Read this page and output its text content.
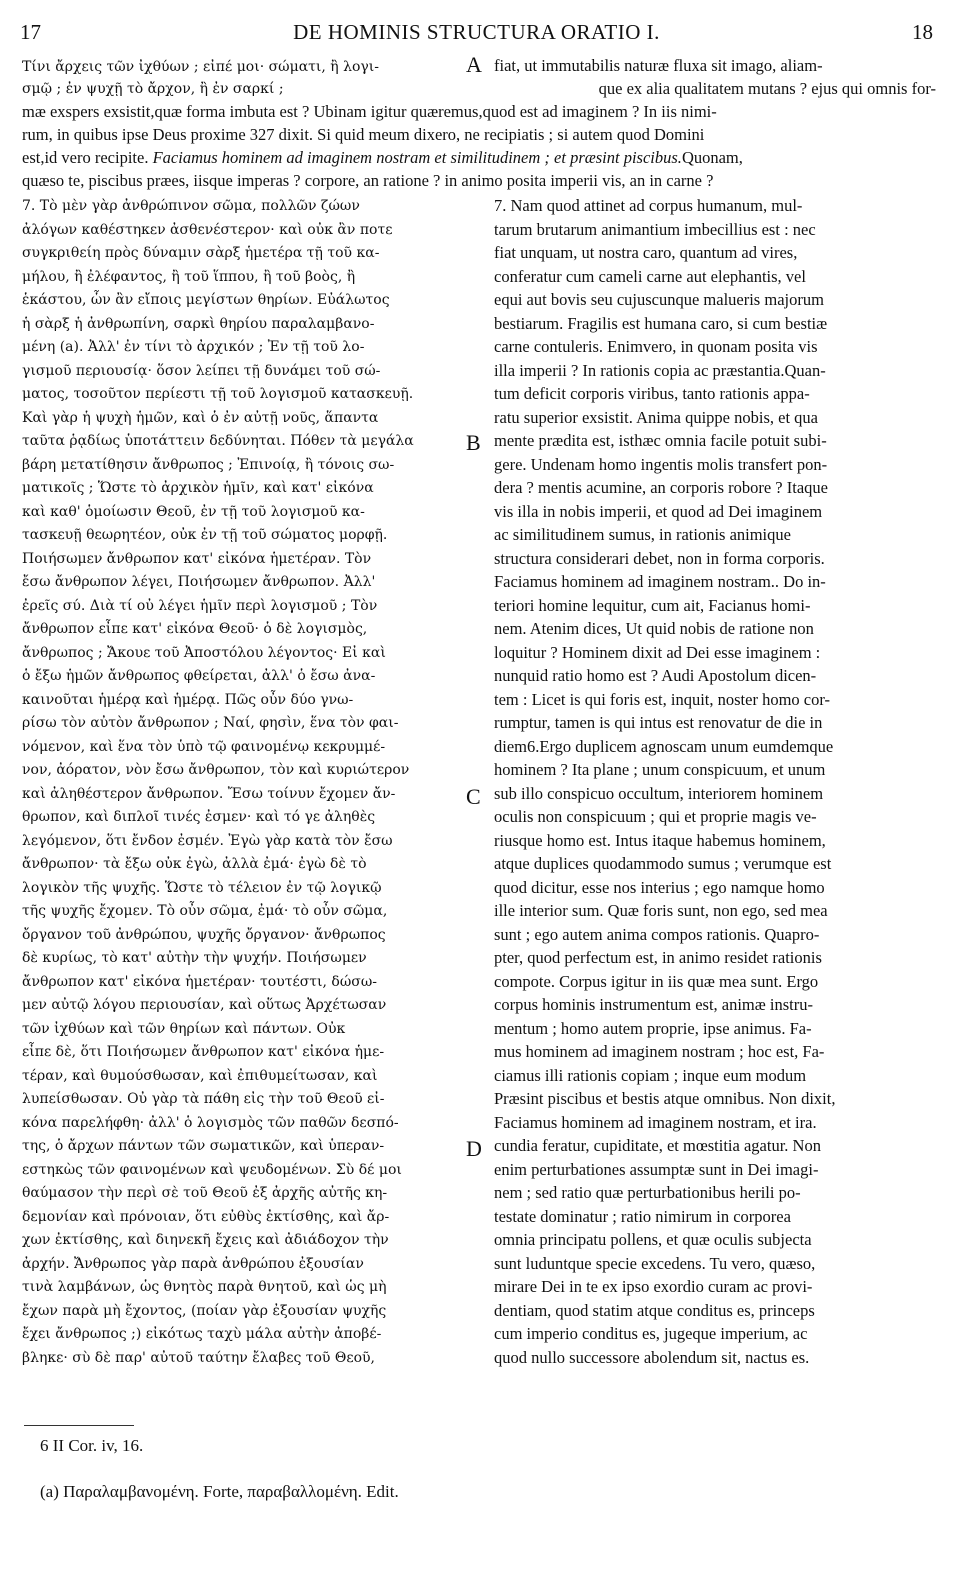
17	DE HOMINIS STRUCTURA ORATIO I.	18
Τίνι ἄρχεις τῶν ἰχθύων ; εἰπέ μοι· σώματι, ἢ λογι-
σμῷ ; ἐν ψυχῇ τὸ ἄρχον, ἢ ἐν σαρκί ;
fiat, ut immutabilis naturæ fluxa sit imago, aliam-
que ex alia qualitatem mutans ? ejus qui omnis for-
mæ exspers exsistit,quæ forma imbuta est ? Ubinam igitur quæremus,quod est ad imaginem ? In iis nimi-
rum, in quibus ipse Deus proxime 327 dixit. Si quid meum dixero, ne recipiatis ; si autem quod Domini
est,id vero recipite. Faciamus hominem ad imaginem nostram et similitudinem ; et præsint piscibus.Quonam,
quæso te, piscibus præes, iisque imperas ? corpore, an ratione ? in animo posita imperii vis, an in carne ?
A
B
C
D
7. Τὸ μὲν γὰρ ἀνθρώπινον σῶμα, πολλῶν ζώων
ἀλόγων καθέστηκεν ἀσθενέστερον· καὶ οὐκ ἂν ποτε
συγκριθείη πρὸς δύναμιν σὰρξ ἡμετέρα τῇ τοῦ κα-
μήλου, ἢ ἐλέφαντος, ἢ τοῦ ἵππου, ἢ τοῦ βοὸς, ἢ
ἑκάστου, ὧν ἂν εἴποις μεγίστων θηρίων. Εὐάλωτος
ἡ σὰρξ ἡ ἀνθρωπίνη, σαρκὶ θηρίου παραλαμβανο-
μένη (a). Ἀλλ' ἐν τίνι τὸ ἀρχικόν ; Ἐν τῇ τοῦ λο-
γισμοῦ περιουσίᾳ· ὅσον λείπει τῇ δυνάμει τοῦ σώ-
ματος, τοσοῦτον περίεστι τῇ τοῦ λογισμοῦ κατασκευῇ.
Καὶ γὰρ ἡ ψυχὴ ἡμῶν, καὶ ὁ ἐν αὐτῇ νοῦς, ἅπαντα
ταῦτα ῥᾳδίως ὑποτάττειν δεδύνηται. Πόθεν τὰ μεγάλα
βάρη μετατίθησιν ἄνθρωπος ; Ἐπινοίᾳ, ἢ τόνοις σω-
ματικοῖς ; Ὥστε τὸ ἀρχικὸν ἡμῖν, καὶ κατ' εἰκόνα
καὶ καθ' ὁμοίωσιν Θεοῦ, ἐν τῇ τοῦ λογισμοῦ κα-
τασκευῇ θεωρητέον, οὐκ ἐν τῇ τοῦ σώματος μορφῇ.
Ποιήσωμεν ἄνθρωπον κατ' εἰκόνα ἡμετέραν. Τὸν
ἔσω ἄνθρωπον λέγει, Ποιήσωμεν ἄνθρωπον. Ἀλλ'
ἐρεῖς σύ. Διὰ τί οὐ λέγει ἡμῖν περὶ λογισμοῦ ; Τὸν
ἄνθρωπον εἶπε κατ' εἰκόνα Θεοῦ· ὁ δὲ λογισμὸς,
ἄνθρωπος ; Ἄκουε τοῦ Ἀποστόλου λέγοντος· Εἰ καὶ
ὁ ἔξω ἡμῶν ἄνθρωπος φθείρεται, ἀλλ' ὁ ἔσω ἀνα-
καινοῦται ἡμέρᾳ καὶ ἡμέρᾳ. Πῶς οὖν δύο γνω-
ρίσω τὸν αὐτὸν ἄνθρωπον ; Ναί, φησὶν, ἕνα τὸν φαι-
νόμενον, καὶ ἕνα τὸν ὑπὸ τῷ φαινομένῳ κεκρυμμέ-
νον, ἀόρατον, νὸν ἔσω ἄνθρωπον, τὸν καὶ κυριώτερον
καὶ ἀληθέστερον ἄνθρωπον. Ἔσω τοίνυν ἔχομεν ἄν-
θρωπον, καὶ διπλοῖ τινές ἐσμεν· καὶ τό γε ἀληθὲς
λεγόμενον, ὅτι ἔνδον ἐσμέν. Ἐγὼ γὰρ κατὰ τὸν ἔσω
ἄνθρωπον· τὰ ἔξω οὐκ ἐγὼ, ἀλλὰ ἐμά· ἐγὼ δὲ τὸ
λογικὸν τῆς ψυχῆς. Ὥστε τὸ τέλειον ἐν τῷ λογικῷ
τῆς ψυχῆς ἔχομεν. Τὸ οὖν σῶμα, ἐμά· τὸ οὖν σῶμα,
ὄργανον τοῦ ἀνθρώπου, ψυχῆς ὄργανον· ἄνθρωπος
δὲ κυρίως, τὸ κατ' αὐτὴν τὴν ψυχήν. Ποιήσωμεν
ἄνθρωπον κατ' εἰκόνα ἡμετέραν· τουτέστι, δώσω-
μεν αὐτῷ λόγου περιουσίαν, καὶ οὕτως Ἀρχέτωσαν
τῶν ἰχθύων καὶ τῶν θηρίων καὶ πάντων. Οὐκ
εἶπε δὲ, ὅτι Ποιήσωμεν ἄνθρωπον κατ' εἰκόνα ἡμε-
τέραν, καὶ θυμούσθωσαν, καὶ ἐπιθυμείτωσαν, καὶ
λυπείσθωσαν. Οὐ γὰρ τὰ πάθη εἰς τὴν τοῦ Θεοῦ εἰ-
κόνα παρελήφθη· ἀλλ' ὁ λογισμὸς τῶν παθῶν δεσπό-
της, ὁ ἄρχων πάντων τῶν σωματικῶν, καὶ ὑπεραν-
εστηκὼς τῶν φαινομένων καὶ ψευδομένων. Σὺ δέ μοι
θαύμασον τὴν περὶ σὲ τοῦ Θεοῦ ἐξ ἀρχῆς αὐτῆς κη-
δεμονίαν καὶ πρόνοιαν, ὅτι εὐθὺς ἐκτίσθης, καὶ ἄρ-
χων ἐκτίσθης, καὶ διηνεκῆ ἔχεις καὶ ἀδιάδοχον τὴν
ἀρχήν. Ἄνθρωπος γὰρ παρὰ ἀνθρώπου ἐξουσίαν
τινὰ λαμβάνων, ὡς θνητὸς παρὰ θνητοῦ, καὶ ὡς μὴ
ἔχων παρὰ μὴ ἔχοντος, (ποίαν γὰρ ἐξουσίαν ψυχῆς
ἔχει ἄνθρωπος ;) εἰκότως ταχὺ μάλα αὐτὴν ἀποβέ-
βληκε· σὺ δὲ παρ' αὐτοῦ ταύτην ἔλαβες τοῦ Θεοῦ,
7. Nam quod attinet ad corpus humanum, mul-
tarum brutarum animantium imbecillius est : nec
fiat unquam, ut nostra caro, quantum ad vires,
conferatur cum cameli carne aut elephantis, vel
equi aut bovis seu cujuscunque malueris majorum
bestiarum. Fragilis est humana caro, si cum bestiæ
carne contuleris. Enimvero, in quonam posita vis
illa imperii ? In rationis copia ac præstantia.Quan-
tum deficit corporis viribus, tanto rationis appa-
ratu superior exsistit. Anima quippe nobis, et qua
mente prædita est, isthæc omnia facile potuit subi-
gere. Undenam homo ingentis molis transfert pon-
dera ? mentis acumine, an corporis robore ? Itaque
vis illa in nobis imperii, et quod ad Dei imaginem
ac similitudinem sumus, in rationis animique
structura considerari debet, non in forma corporis.
Faciamus hominem ad imaginem nostram.. Do in-
teriori homine lequitur, cum ait, Facianus homi-
nem. Atenim dices, Ut quid nobis de ratione non
loquitur ? Hominem dixit ad Dei esse imaginem :
nunquid ratio homo est ? Audi Apostolum dicen-
tem : Licet is qui foris est, inquit, noster homo cor-
rumptur, tamen is qui intus est renovatur de die in
diem6.Ergo duplicem agnoscam unum eumdemque
hominem ? Ita plane ; unum conspicuum, et unum
sub illo conspicuo occultum, interiorem hominem
oculis non conspicuum ; qui et proprie magis ve-
riusque homo est. Intus itaque habemus hominem,
atque duplices quodammodo sumus ; verumque est
quod dicitur, esse nos interius ; ego namque homo
ille interior sum. Quæ foris sunt, non ego, sed mea
sunt ; ego autem anima compos rationis. Quapro-
pter, quod perfectum est, in animo residet rationis
compote. Corpus igitur in iis quæ mea sunt. Ergo
corpus hominis instrumentum est, animæ instru-
mentum ; homo autem proprie, ipse animus. Fa-
mus hominem ad imaginem nostram ; hoc est, Fa-
ciamus illi rationis copiam ; inque eum modum
Præsint piscibus et bestis atque omnibus. Non dixit,
Faciamus hominem ad imaginem nostram, et ira.
cundia feratur, cupiditate, et mœstitia agatur. Non
enim perturbationes assumptæ sunt in Dei imagi-
nem ; sed ratio quæ perturbationibus herili po-
testate dominatur ; ratio nimirum in corporea
omnia principatu pollens, et quæ oculis subjecta
sunt luduntque specie excedens. Tu vero, quæso,
mirare Dei in te ex ipso exordio curam ac provi-
dentiam, quod statim atque conditus es, princeps
cum imperio conditus es, jugeque imperium, ac
quod nullo successore abolendum sit, nactus es.
6 II Cor. iv, 16.
(a) Παραλαμβανομένη. Forte, παραβαλλομένη. Edit.
